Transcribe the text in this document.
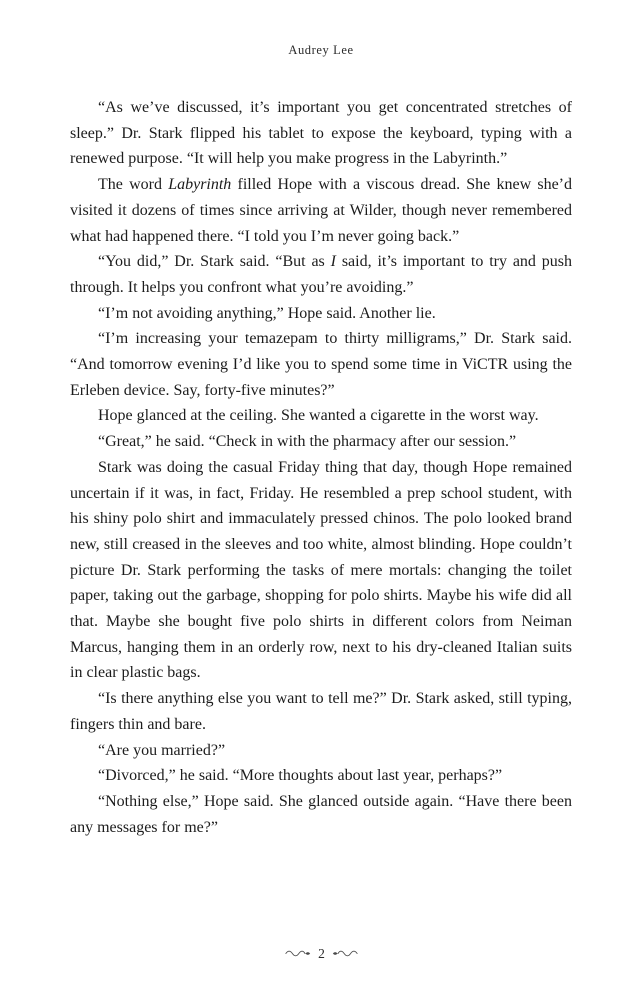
Audrey Lee

“As we’ve discussed, it’s important you get concentrated stretches of sleep.” Dr. Stark flipped his tablet to expose the keyboard, typing with a renewed purpose. “It will help you make progress in the Labyrinth.”

The word Labyrinth filled Hope with a viscous dread. She knew she’d visited it dozens of times since arriving at Wilder, though never remembered what had happened there. “I told you I’m never going back.”

“You did,” Dr. Stark said. “But as I said, it’s important to try and push through. It helps you confront what you’re avoiding.”

“I’m not avoiding anything,” Hope said. Another lie.

“I’m increasing your temazepam to thirty milligrams,” Dr. Stark said. “And tomorrow evening I’d like you to spend some time in ViCTR using the Erleben device. Say, forty-five minutes?”

Hope glanced at the ceiling. She wanted a cigarette in the worst way.

“Great,” he said. “Check in with the pharmacy after our session.”

Stark was doing the casual Friday thing that day, though Hope remained uncertain if it was, in fact, Friday. He resembled a prep school student, with his shiny polo shirt and immaculately pressed chinos. The polo looked brand new, still creased in the sleeves and too white, almost blinding. Hope couldn’t picture Dr. Stark performing the tasks of mere mortals: changing the toilet paper, taking out the garbage, shopping for polo shirts. Maybe his wife did all that. Maybe she bought five polo shirts in different colors from Neiman Marcus, hanging them in an orderly row, next to his dry-cleaned Italian suits in clear plastic bags.

“Is there anything else you want to tell me?” Dr. Stark asked, still typing, fingers thin and bare.

“Are you married?”

“Divorced,” he said. “More thoughts about last year, perhaps?”

“Nothing else,” Hope said. She glanced outside again. “Have there been any messages for me?”

2
